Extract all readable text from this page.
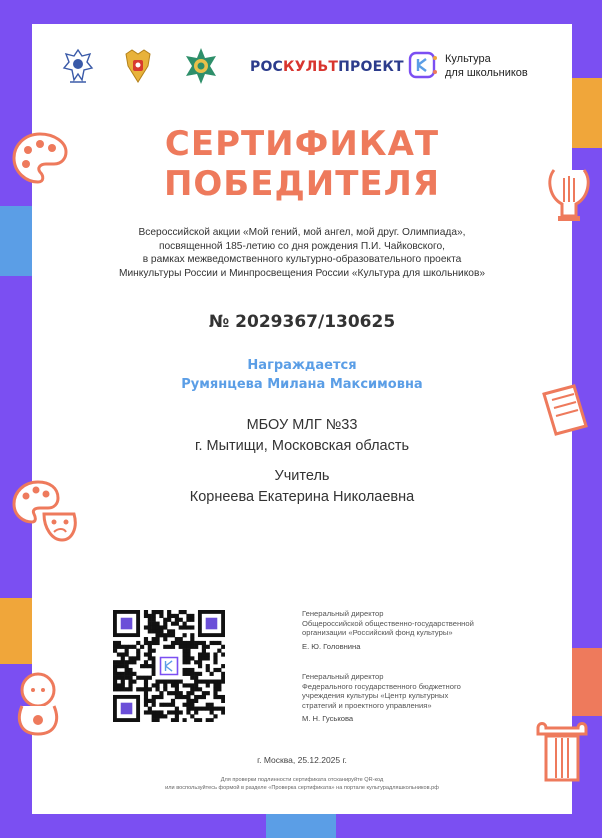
РОСКУЛЬТПРОЕКТ	Культура
для школьников
СЕРТИФИКАТ
ПОБЕДИТЕЛЯ
Всероссийской акции «Мой гений, мой ангел, мой друг. Олимпиада»,
посвященной 185-летию со дня рождения П.И. Чайковского,
в рамках межведомственного культурно-образовательного проекта
Минкультуры России и Минпросвещения России «Культура для школьников»
№ 2029367/130625
Награждается
Румянцева Милана Максимовна
МБОУ МЛГ №33
г. Мытищи, Московская область
Учитель
Корнеева Екатерина Николаевна
Генеральный директор
Общероссийской общественно-государственной
организации «Российский фонд культуры»
Е. Ю. Головнина
Генеральный директор
Федерального государственного бюджетного
учреждения культуры «Центр культурных
стратегий и проектного управления»
М. Н. Гуськова
г. Москва, 25.12.2025 г.
Для проверки подлинности сертификата отсканируйте QR-код
или воспользуйтесь формой в разделе «Проверка сертификата» на портале культурадляшкольников.рф
